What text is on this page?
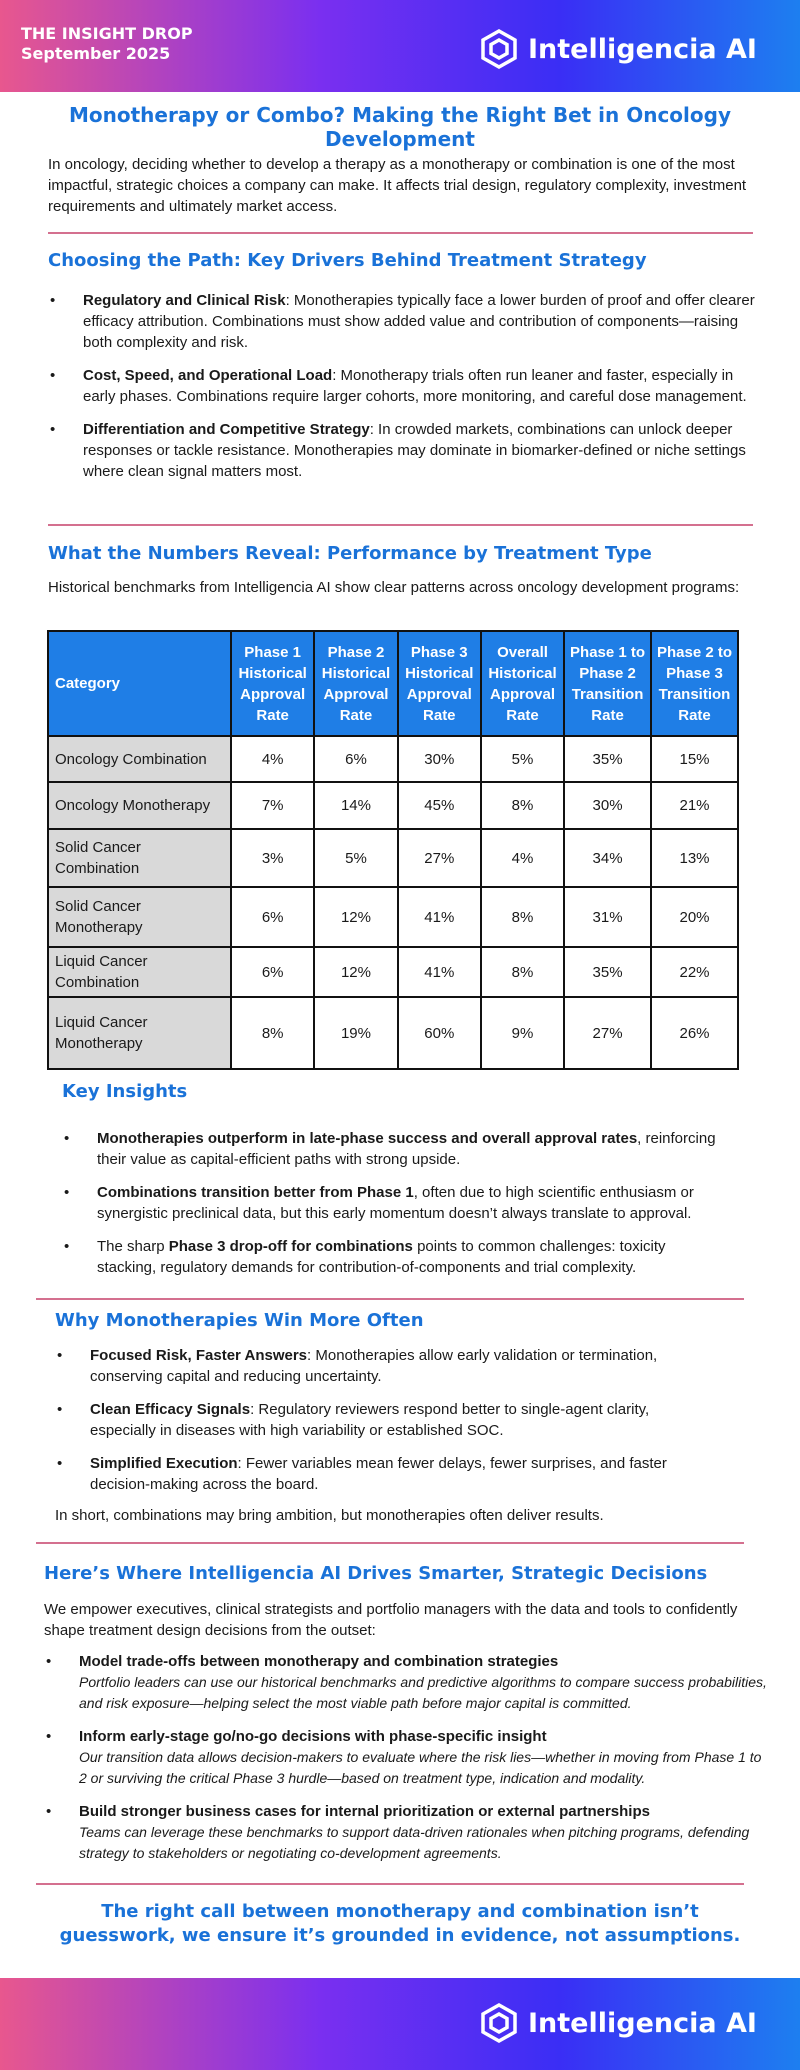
THE INSIGHT DROP
September 2025	Intelligencia AI
Monotherapy or Combo? Making the Right Bet in Oncology Development
In oncology, deciding whether to develop a therapy as a monotherapy or combination is one of the most impactful, strategic choices a company can make. It affects trial design, regulatory complexity, investment requirements and ultimately market access.
Choosing the Path: Key Drivers Behind Treatment Strategy
• Regulatory and Clinical Risk: Monotherapies typically face a lower burden of proof and offer clearer efficacy attribution. Combinations must show added value and contribution of components—raising both complexity and risk.
• Cost, Speed, and Operational Load: Monotherapy trials often run leaner and faster, especially in early phases. Combinations require larger cohorts, more monitoring, and careful dose management.
• Differentiation and Competitive Strategy: In crowded markets, combinations can unlock deeper responses or tackle resistance. Monotherapies may dominate in biomarker-defined or niche settings where clean signal matters most.
What the Numbers Reveal: Performance by Treatment Type
Historical benchmarks from Intelligencia AI show clear patterns across oncology development programs:
Category	Phase 1 Historical Approval Rate	Phase 2 Historical Approval Rate	Phase 3 Historical Approval Rate	Overall Historical Approval Rate	Phase 1 to Phase 2 Transition Rate	Phase 2 to Phase 3 Transition Rate
Oncology Combination	4%	6%	30%	5%	35%	15%
Oncology Monotherapy	7%	14%	45%	8%	30%	21%
Solid Cancer Combination	3%	5%	27%	4%	34%	13%
Solid Cancer Monotherapy	6%	12%	41%	8%	31%	20%
Liquid Cancer Combination	6%	12%	41%	8%	35%	22%
Liquid Cancer Monotherapy	8%	19%	60%	9%	27%	26%
Key Insights
• Monotherapies outperform in late-phase success and overall approval rates, reinforcing their value as capital-efficient paths with strong upside.
• Combinations transition better from Phase 1, often due to high scientific enthusiasm or synergistic preclinical data, but this early momentum doesn’t always translate to approval.
• The sharp Phase 3 drop-off for combinations points to common challenges: toxicity stacking, regulatory demands for contribution-of-components and trial complexity.
Why Monotherapies Win More Often
• Focused Risk, Faster Answers: Monotherapies allow early validation or termination, conserving capital and reducing uncertainty.
• Clean Efficacy Signals: Regulatory reviewers respond better to single-agent clarity, especially in diseases with high variability or established SOC.
• Simplified Execution: Fewer variables mean fewer delays, fewer surprises, and faster decision-making across the board.
In short, combinations may bring ambition, but monotherapies often deliver results.
Here’s Where Intelligencia AI Drives Smarter, Strategic Decisions
We empower executives, clinical strategists and portfolio managers with the data and tools to confidently shape treatment design decisions from the outset:
• Model trade-offs between monotherapy and combination strategies
Portfolio leaders can use our historical benchmarks and predictive algorithms to compare success probabilities, and risk exposure—helping select the most viable path before major capital is committed.
• Inform early-stage go/no-go decisions with phase-specific insight
Our transition data allows decision-makers to evaluate where the risk lies—whether in moving from Phase 1 to 2 or surviving the critical Phase 3 hurdle—based on treatment type, indication and modality.
• Build stronger business cases for internal prioritization or external partnerships
Teams can leverage these benchmarks to support data-driven rationales when pitching programs, defending strategy to stakeholders or negotiating co-development agreements.
The right call between monotherapy and combination isn’t
guesswork, we ensure it’s grounded in evidence, not assumptions.
Intelligencia AI
